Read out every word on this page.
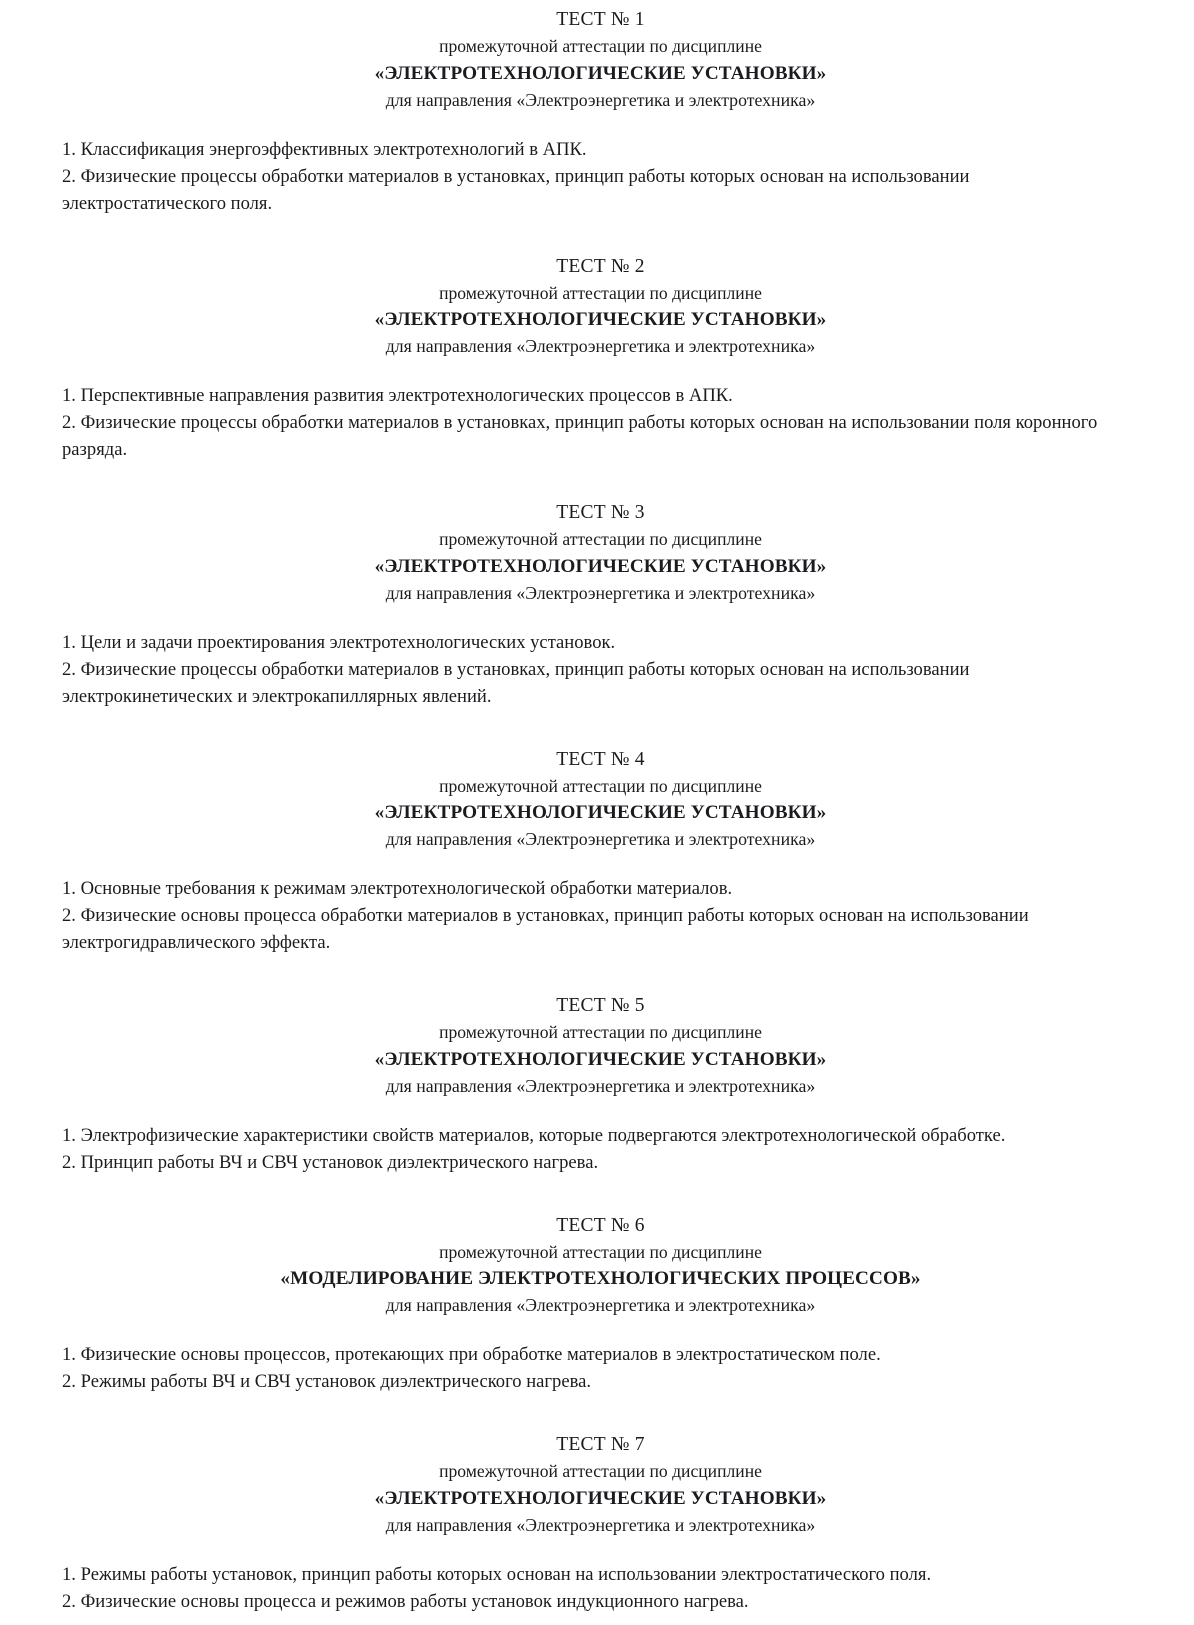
ТЕСТ № 1
промежуточной аттестации по дисциплине
«ЭЛЕКТРОТЕХНОЛОГИЧЕСКИЕ УСТАНОВКИ»
для направления «Электроэнергетика и электротехника»

1. Классификация энергоэффективных электротехнологий в АПК.

2. Физические процессы обработки материалов в установках, принцип работы которых основан на использовании электростатического поля.

ТЕСТ № 2
промежуточной аттестации по дисциплине
«ЭЛЕКТРОТЕХНОЛОГИЧЕСКИЕ УСТАНОВКИ»
для направления «Электроэнергетика и электротехника»

1. Перспективные направления развития электротехнологических процессов в АПК.

2. Физические процессы обработки материалов в установках, принцип работы которых основан на использовании поля коронного разряда.

ТЕСТ № 3
промежуточной аттестации по дисциплине
«ЭЛЕКТРОТЕХНОЛОГИЧЕСКИЕ УСТАНОВКИ»
для направления «Электроэнергетика и электротехника»

1. Цели и задачи проектирования электротехнологических установок.

2. Физические процессы обработки материалов в установках, принцип работы которых основан на использовании электрокинетических и электрокапиллярных явлений.

ТЕСТ № 4
промежуточной аттестации по дисциплине
«ЭЛЕКТРОТЕХНОЛОГИЧЕСКИЕ УСТАНОВКИ»
для направления «Электроэнергетика и электротехника»

1. Основные требования к режимам электротехнологической обработки материалов.

2. Физические основы процесса обработки материалов в установках, принцип работы которых основан на использовании электрогидравлического эффекта.

ТЕСТ № 5
промежуточной аттестации по дисциплине
«ЭЛЕКТРОТЕХНОЛОГИЧЕСКИЕ УСТАНОВКИ»
для направления «Электроэнергетика и электротехника»

1. Электрофизические характеристики свойств материалов, которые подвергаются электротехнологической обработке.

2. Принцип работы ВЧ и СВЧ установок диэлектрического нагрева.

ТЕСТ № 6
промежуточной аттестации по дисциплине
«МОДЕЛИРОВАНИЕ ЭЛЕКТРОТЕХНОЛОГИЧЕСКИХ ПРОЦЕССОВ»
для направления «Электроэнергетика и электротехника»

1. Физические основы процессов, протекающих при обработке материалов в электростатическом поле.

2. Режимы работы ВЧ и СВЧ установок диэлектрического нагрева.

ТЕСТ № 7
промежуточной аттестации по дисциплине
«ЭЛЕКТРОТЕХНОЛОГИЧЕСКИЕ УСТАНОВКИ»
для направления «Электроэнергетика и электротехника»

1. Режимы работы установок, принцип работы которых основан на использовании электростатического поля.

2. Физические основы процесса и режимов работы установок индукционного нагрева.
